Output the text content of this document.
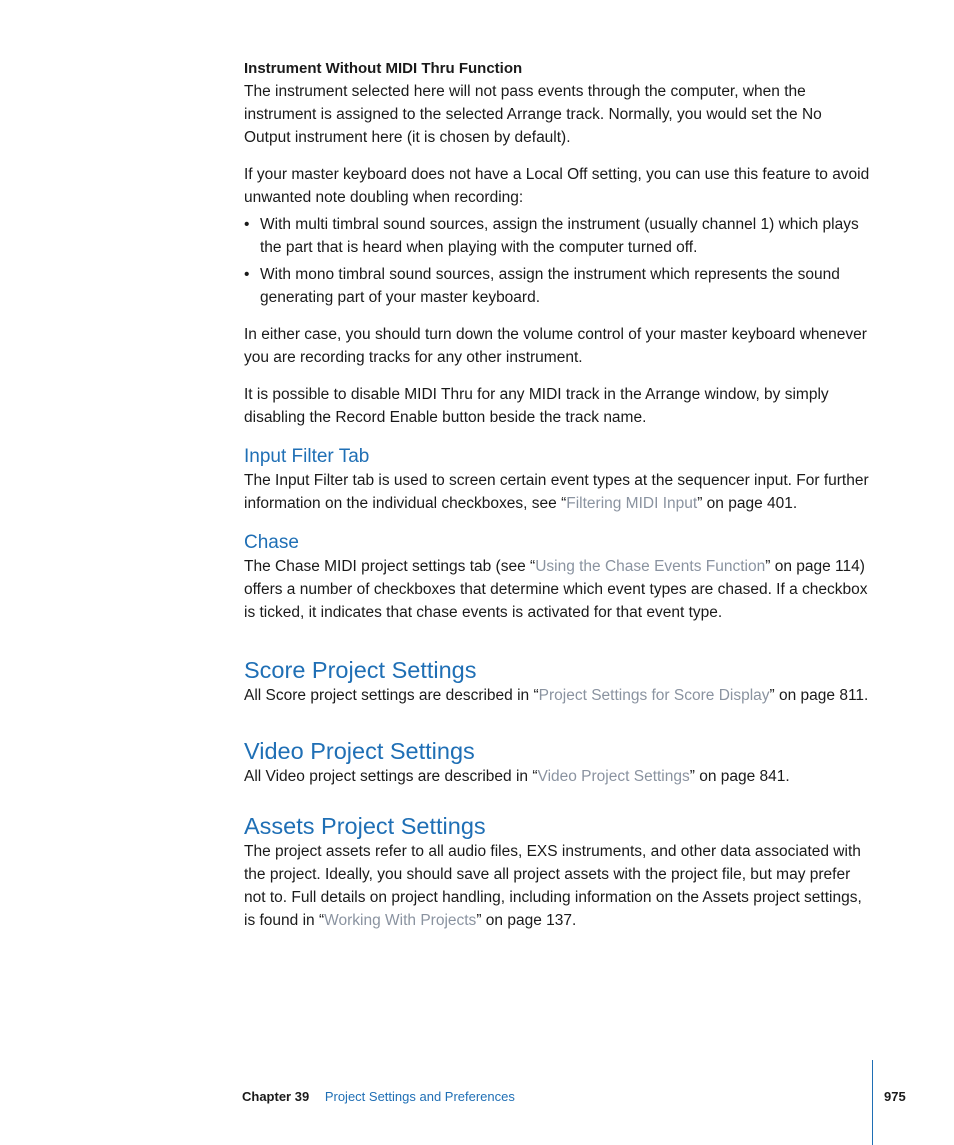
Instrument Without MIDI Thru Function

The instrument selected here will not pass events through the computer, when the instrument is assigned to the selected Arrange track. Normally, you would set the No Output instrument here (it is chosen by default).

If your master keyboard does not have a Local Off setting, you can use this feature to avoid unwanted note doubling when recording:

• With multi timbral sound sources, assign the instrument (usually channel 1) which plays the part that is heard when playing with the computer turned off.
• With mono timbral sound sources, assign the instrument which represents the sound generating part of your master keyboard.

In either case, you should turn down the volume control of your master keyboard whenever you are recording tracks for any other instrument.

It is possible to disable MIDI Thru for any MIDI track in the Arrange window, by simply disabling the Record Enable button beside the track name.

Input Filter Tab

The Input Filter tab is used to screen certain event types at the sequencer input. For further information on the individual checkboxes, see “Filtering MIDI Input” on page 401.

Chase

The Chase MIDI project settings tab (see “Using the Chase Events Function” on page 114) offers a number of checkboxes that determine which event types are chased. If a checkbox is ticked, it indicates that chase events is activated for that event type.

Score Project Settings

All Score project settings are described in “Project Settings for Score Display” on page 811.

Video Project Settings

All Video project settings are described in “Video Project Settings” on page 841.

Assets Project Settings

The project assets refer to all audio files, EXS instruments, and other data associated with the project. Ideally, you should save all project assets with the project file, but may prefer not to. Full details on project handling, including information on the Assets project settings, is found in “Working With Projects” on page 137.

Chapter 39 Project Settings and Preferences	975
